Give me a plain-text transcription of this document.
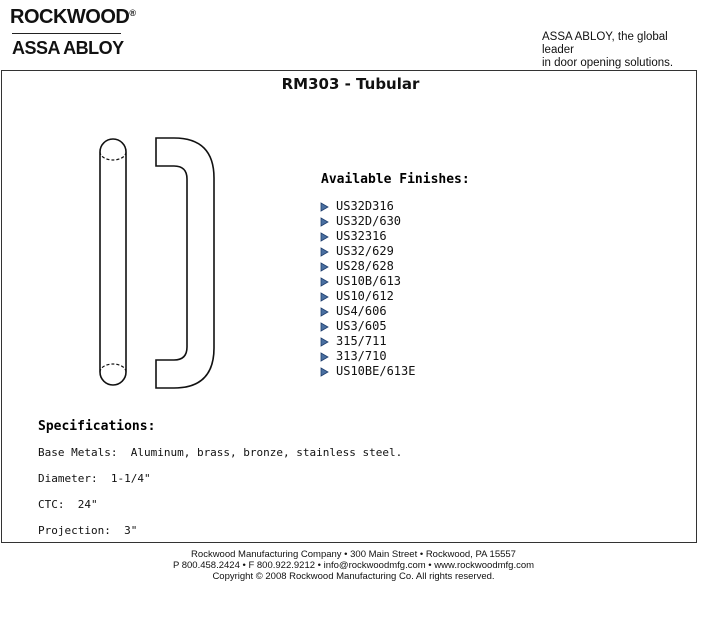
ROCKWOOD®
ASSA ABLOY
ASSA ABLOY, the global leader
in door opening solutions.
RM303 - Tubular
Available Finishes:
US32D316
US32D/630
US32316
US32/629
US28/628
US10B/613
US10/612
US4/606
US3/605
315/711
313/710
US10BE/613E
Specifications:
Base Metals:  Aluminum, brass, bronze, stainless steel.
Diameter:  1-1/4"
CTC:  24"
Projection:  3"
Rockwood Manufacturing Company • 300 Main Street • Rockwood, PA 15557
P 800.458.2424 • F 800.922.9212 • info@rockwoodmfg.com • www.rockwoodmfg.com
Copyright © 2008 Rockwood Manufacturing Co. All rights reserved.
